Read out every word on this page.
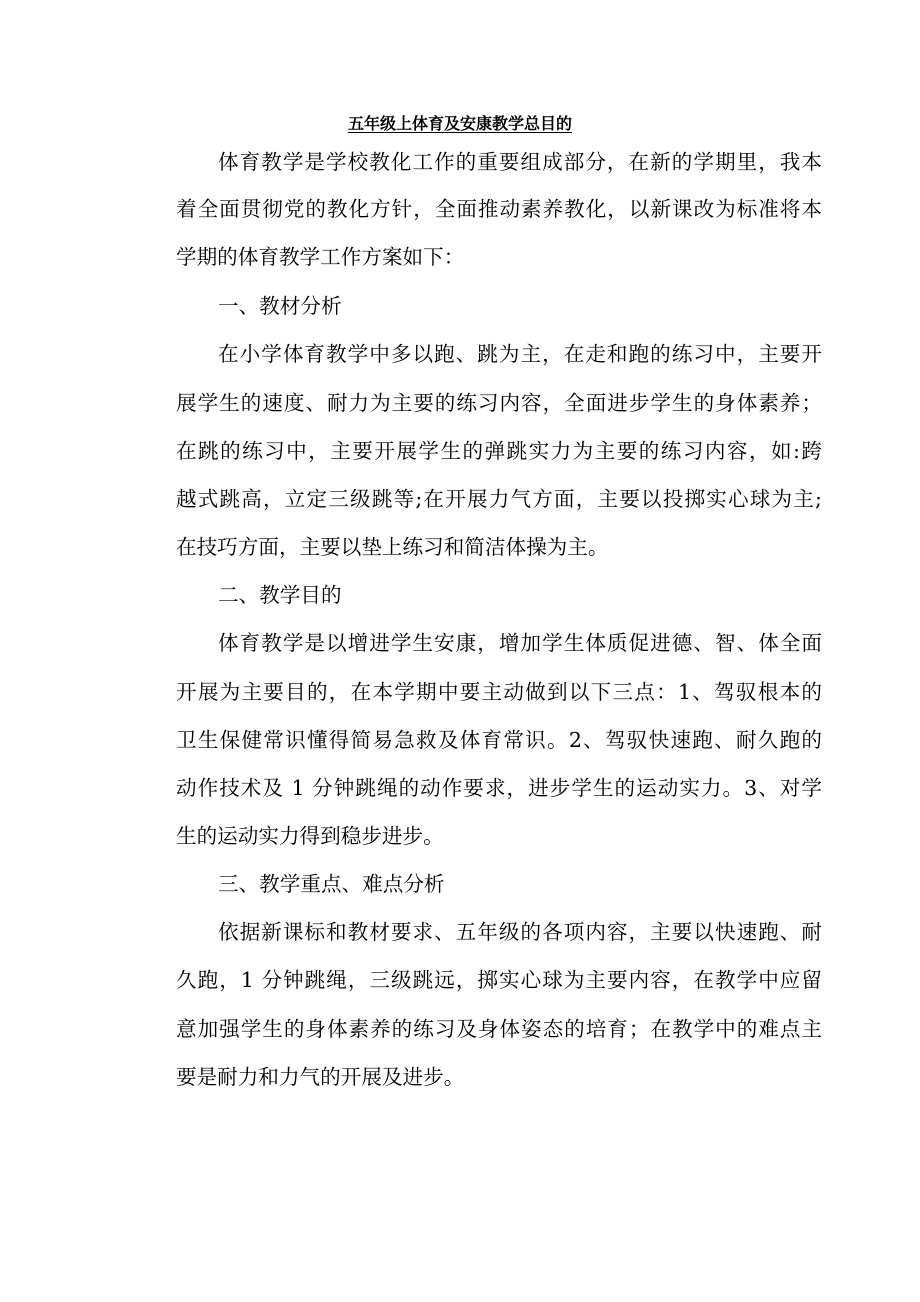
五年级上体育及安康教学总目的
体育教学是学校教化工作的重要组成部分，在新的学期里，我本
着全面贯彻党的教化方针，全面推动素养教化，以新课改为标准将本
学期的体育教学工作方案如下：
一、教材分析
在小学体育教学中多以跑、跳为主，在走和跑的练习中，主要开
展学生的速度、耐力为主要的练习内容，全面进步学生的身体素养；
在跳的练习中，主要开展学生的弹跳实力为主要的练习内容，如:跨
越式跳高，立定三级跳等;在开展力气方面，主要以投掷实心球为主;
在技巧方面，主要以垫上练习和简洁体操为主。
二、教学目的
体育教学是以增进学生安康，增加学生体质促进德、智、体全面
开展为主要目的，在本学期中要主动做到以下三点：1、驾驭根本的
卫生保健常识懂得简易急救及体育常识。2、驾驭快速跑、耐久跑的
动作技术及 1 分钟跳绳的动作要求，进步学生的运动实力。3、对学
生的运动实力得到稳步进步。
三、教学重点、难点分析
依据新课标和教材要求、五年级的各项内容，主要以快速跑、耐
久跑，1 分钟跳绳，三级跳远，掷实心球为主要内容，在教学中应留
意加强学生的身体素养的练习及身体姿态的培育；在教学中的难点主
要是耐力和力气的开展及进步。
